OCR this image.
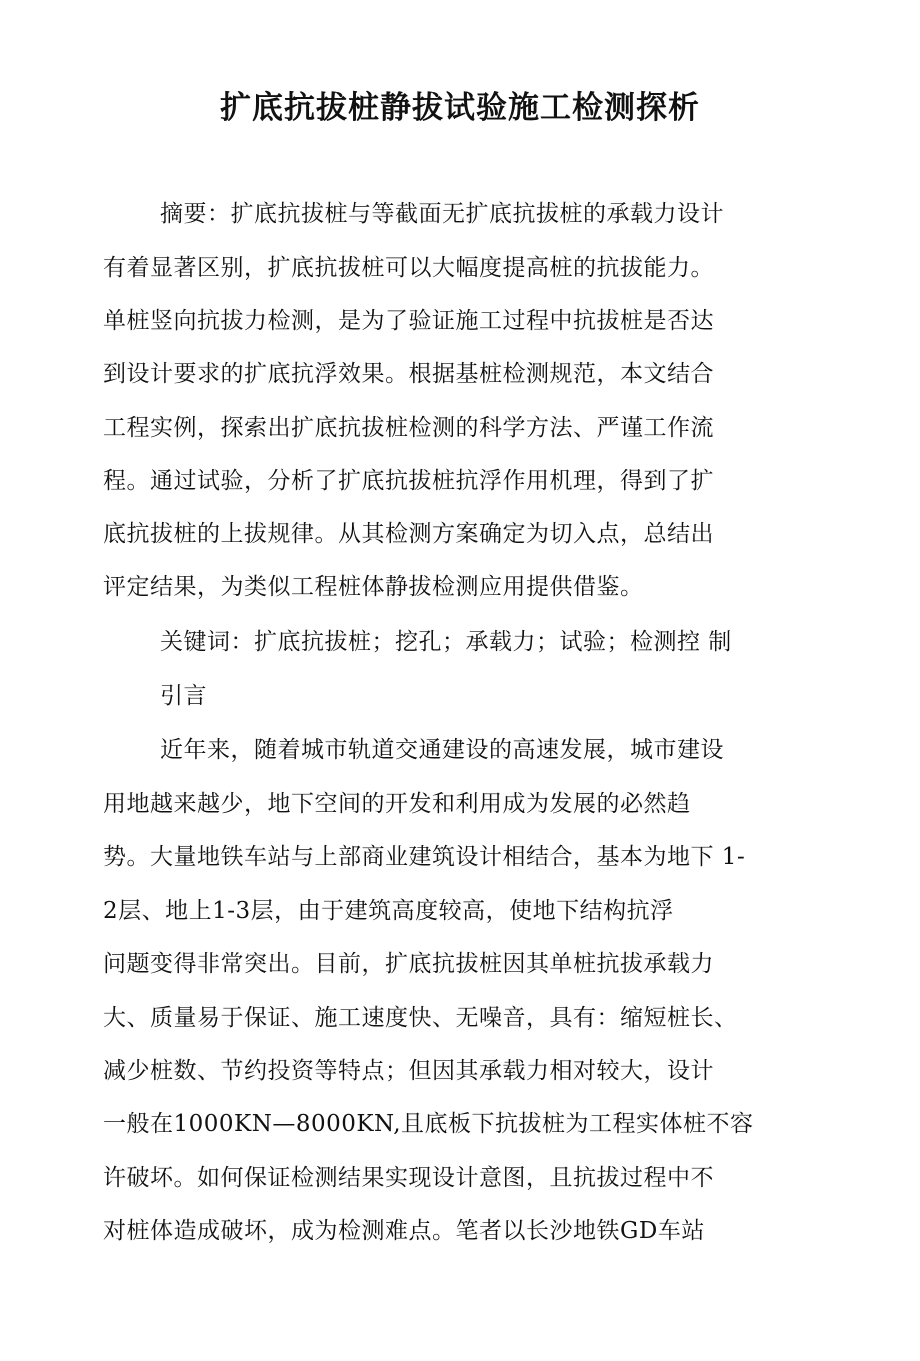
扩底抗拔桩静拔试验施工检测探析
摘要：扩底抗拔桩与等截面无扩底抗拔桩的承载力设计
有着显著区别，扩底抗拔桩可以大幅度提高桩的抗拔能力。
单桩竖向抗拔力检测，是为了验证施工过程中抗拔桩是否达
到设计要求的扩底抗浮效果。根据基桩检测规范，本文结合
工程实例，探索出扩底抗拔桩检测的科学方法、严谨工作流
程。通过试验，分析了扩底抗拔桩抗浮作用机理，得到了扩
底抗拔桩的上拔规律。从其检测方案确定为切入点，总结出
评定结果，为类似工程桩体静拔检测应用提供借鉴。
关键词：扩底抗拔桩；挖孔；承载力；试验；检测控 制
引言
近年来，随着城市轨道交通建设的高速发展，城市建设
用地越来越少，地下空间的开发和利用成为发展的必然趋
势。大量地铁车站与上部商业建筑设计相结合，基本为地下 1-
2层、地上1-3层，由于建筑高度较高，使地下结构抗浮
问题变得非常突出。目前，扩底抗拔桩因其单桩抗拔承载力
大、质量易于保证、施工速度快、无噪音，具有：缩短桩长、
减少桩数、节约投资等特点；但因其承载力相对较大，设计
一般在1000KN—8000KN,且底板下抗拔桩为工程实体桩不容
许破坏。如何保证检测结果实现设计意图，且抗拔过程中不
对桩体造成破坏，成为检测难点。笔者以长沙地铁GD车站
